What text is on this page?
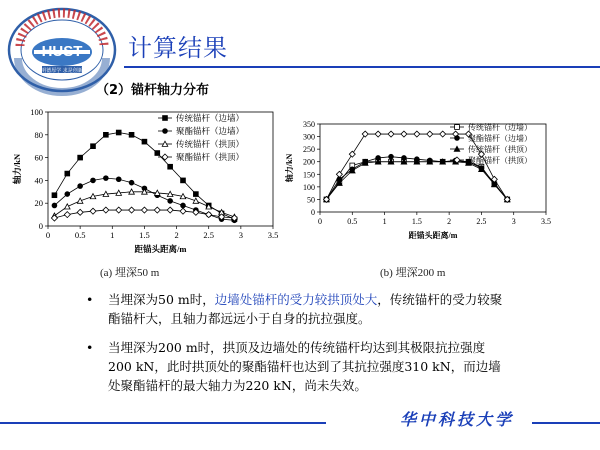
HUST
明德厚学 求是创新
计算结果
（2）锚杆轴力分布
0	0.5	1	1.5	2	2.5	3	3.5
0
20
40
60
80
100
距锚头距离/m
轴力/kN
传统锚杆（边墙）
聚酯锚杆（边墙）
传统锚杆（拱顶）
聚酯锚杆（拱顶）
(a) 埋深50 m
0	0.5	1	1.5	2	2.5	3	3.5
0
50
100
150
200
250
300
350
距锚头距离/m
轴力/kN
传统锚杆（边墙）
聚酯锚杆（边墙）
传统锚杆（拱顶）
聚酯锚杆（拱顶）
(b) 埋深200 m
•	当埋深为50 m时，边墙处锚杆的受力较拱顶处大，传统锚杆的受力较聚酯锚杆大，且轴力都远远小于自身的抗拉强度。
•	当埋深为200 m时，拱顶及边墙处的传统锚杆均达到其极限抗拉强度200 kN，此时拱顶处的聚酯锚杆也达到了其抗拉强度310 kN，而边墙处聚酯锚杆的最大轴力为220 kN，尚未失效。
华中科技大学
